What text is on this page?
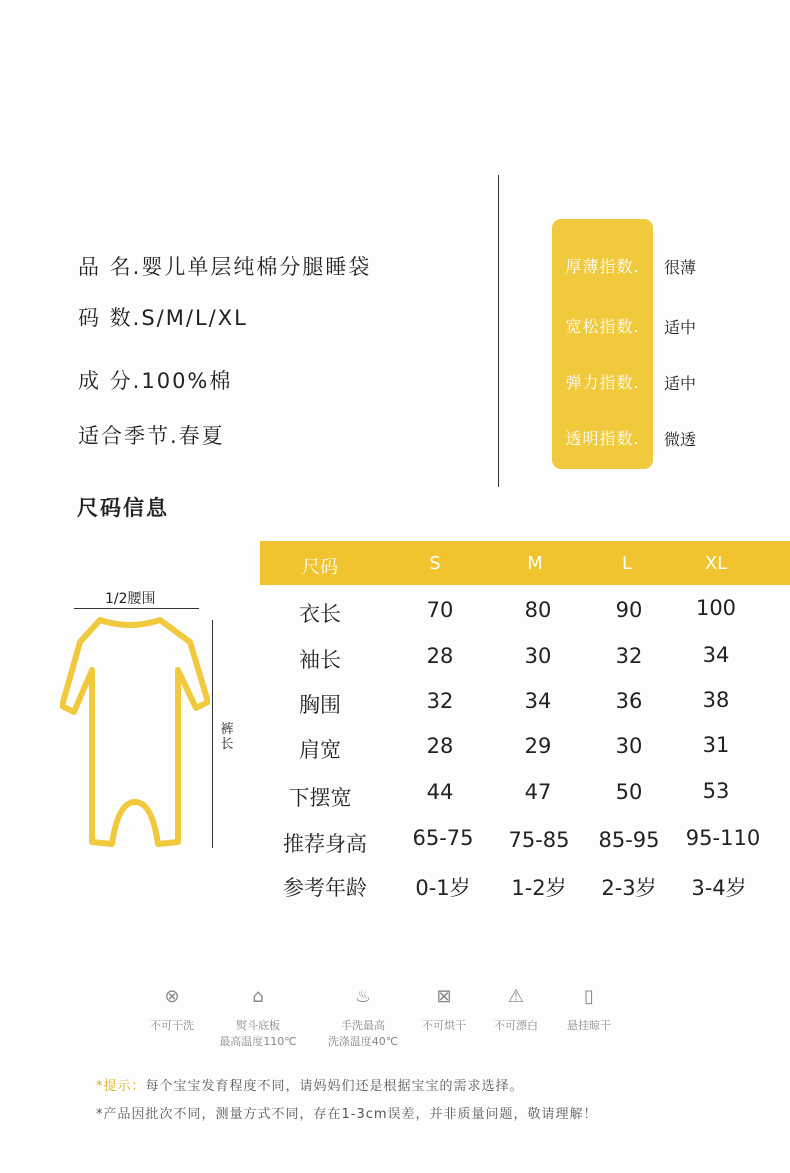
品 名.婴儿单层纯棉分腿睡袋
码 数.S/M/L/XL
成 分.100%棉
适合季节.春夏
厚薄指数.	很薄
宽松指数.	适中
弹力指数.	适中
透明指数.	微透
尺码信息
1/2腰围
裤长
尺码	S	M	L	XL
衣长	70	80	90	100
袖长	28	30	32	34
胸围	32	34	36	38
肩宽	28	29	30	31
下摆宽	44	47	50	53
推荐身高	65-75	75-85	85-95	95-110
参考年龄	0-1岁	1-2岁	2-3岁	3-4岁
⊗
不可干洗
⌂
熨斗底板
最高温度110℃
♨
手洗最高
洗涤温度40℃
⊠
不可烘干
⚠
不可漂白
▯
悬挂晾干
*提示：每个宝宝发育程度不同，请妈妈们还是根据宝宝的需求选择。
*产品因批次不同，测量方式不同，存在1-3cm误差，并非质量问题，敬请理解！
